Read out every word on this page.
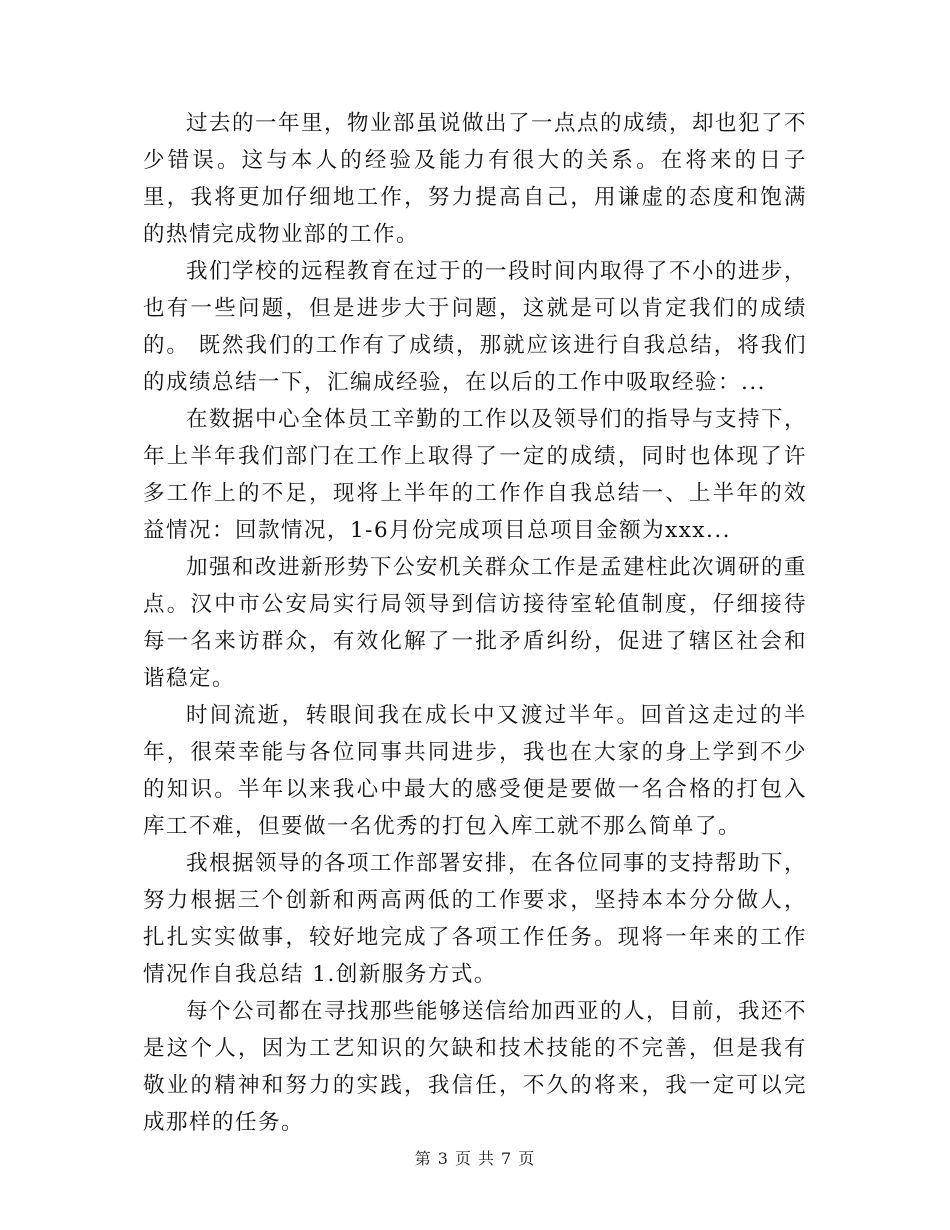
过去的一年里，物业部虽说做出了一点点的成绩，却也犯了不少错误。这与本人的经验及能力有很大的关系。在将来的日子里，我将更加仔细地工作，努力提高自己，用谦虚的态度和饱满的热情完成物业部的工作。

我们学校的远程教育在过于的一段时间内取得了不小的进步，也有一些问题，但是进步大于问题，这就是可以肯定我们的成绩的。 既然我们的工作有了成绩，那就应该进行自我总结，将我们的成绩总结一下，汇编成经验，在以后的工作中吸取经验：...

在数据中心全体员工辛勤的工作以及领导们的指导与支持下，年上半年我们部门在工作上取得了一定的成绩，同时也体现了许多工作上的不足，现将上半年的工作作自我总结一、上半年的效益情况：回款情况，1-6月份完成项目总项目金额为xxx...

加强和改进新形势下公安机关群众工作是孟建柱此次调研的重点。汉中市公安局实行局领导到信访接待室轮值制度，仔细接待每一名来访群众，有效化解了一批矛盾纠纷，促进了辖区社会和谐稳定。

时间流逝，转眼间我在成长中又渡过半年。回首这走过的半年，很荣幸能与各位同事共同进步，我也在大家的身上学到不少的知识。半年以来我心中最大的感受便是要做一名合格的打包入库工不难，但要做一名优秀的打包入库工就不那么简单了。

我根据领导的各项工作部署安排，在各位同事的支持帮助下，努力根据三个创新和两高两低的工作要求，坚持本本分分做人，扎扎实实做事，较好地完成了各项工作任务。现将一年来的工作情况作自我总结 1.创新服务方式。

每个公司都在寻找那些能够送信给加西亚的人，目前，我还不是这个人，因为工艺知识的欠缺和技术技能的不完善，但是我有敬业的精神和努力的实践，我信任，不久的将来，我一定可以完成那样的任务。

第 3 页 共 7 页
